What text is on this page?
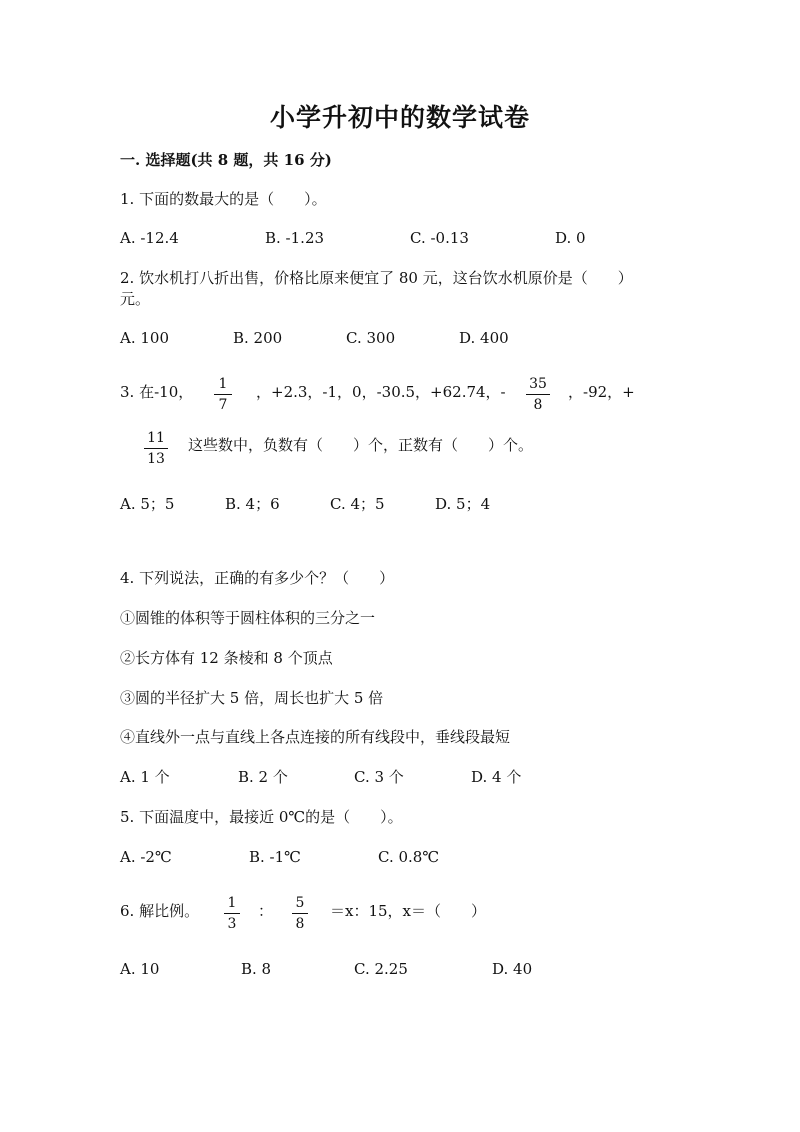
小学升初中的数学试卷
一. 选择题(共 8 题，共 16 分)
1. 下面的数最大的是（　　）。
A. -12.4	B. -1.23	C. -0.13	D. 0
2. 饮水机打八折出售，价格比原来便宜了 80 元，这台饮水机原价是（　　）
元。
A. 100	B. 200	C. 300	D. 400
3. 在-10，	1
7
，+2.3，-1，0，-30.5，+62.74，- 35
8
，-92，+
11
13
这些数中，负数有（　　）个，正数有（　　）个。
A. 5；5	B. 4；6	C. 4；5	D. 5；4
4. 下列说法，正确的有多少个？（　　）
①圆锥的体积等于圆柱体积的三分之一
②长方体有 12 条棱和 8 个顶点
③圆的半径扩大 5 倍，周长也扩大 5 倍
④直线外一点与直线上各点连接的所有线段中，垂线段最短
A. 1 个	B. 2 个	C. 3 个	D. 4 个
5. 下面温度中，最接近 0℃的是（　　）。
A. -2℃	B. -1℃	C. 0.8℃
6. 解比例。 1
3
： 5
8
＝x：15，x＝（　　）
A. 10	B. 8	C. 2.25	D. 40
